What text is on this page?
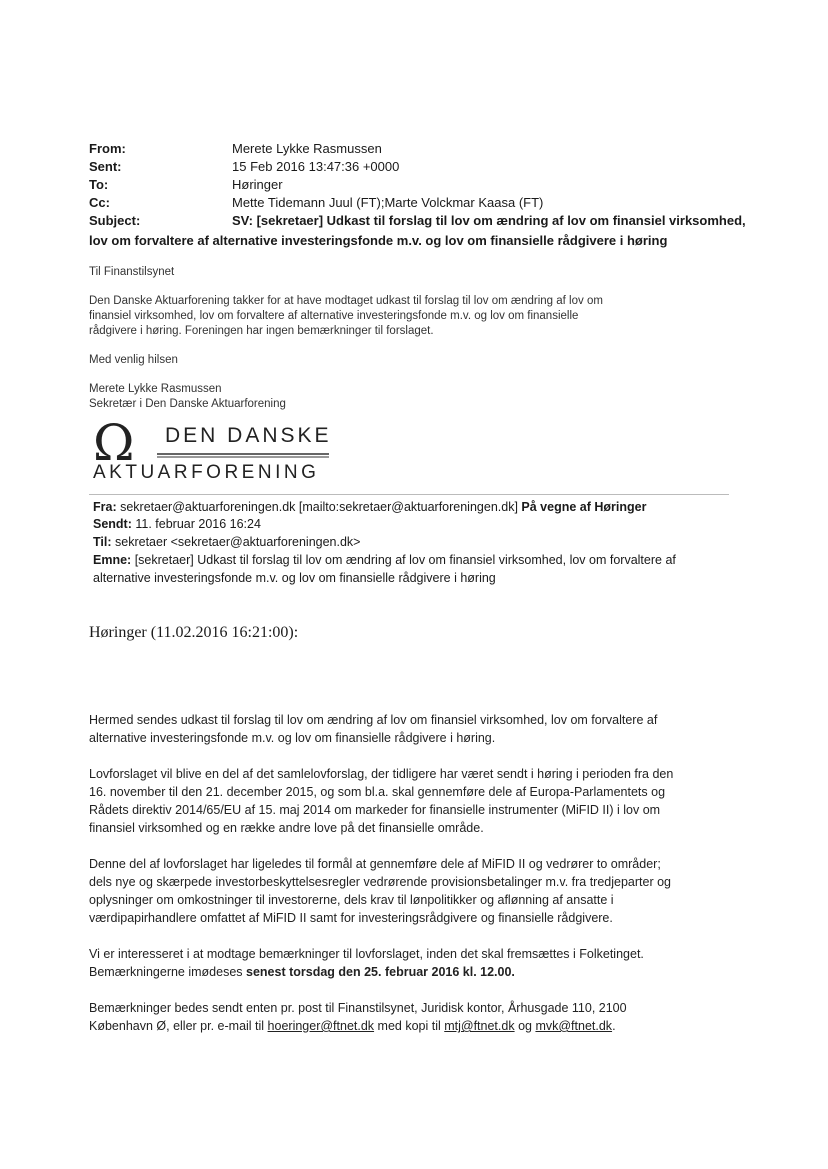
From:	Merete Lykke Rasmussen
Sent:	15 Feb 2016 13:47:36 +0000
To:	Høringer
Cc:	Mette Tidemann Juul (FT);Marte Volckmar Kaasa (FT)
Subject:	SV: [sekretaer] Udkast til forslag til lov om ændring af lov om finansiel virksomhed,
lov om forvaltere af alternative investeringsfonde m.v. og lov om finansielle rådgivere i høring
Til Finanstilsynet
Den Danske Aktuarforening takker for at have modtaget udkast til forslag til lov om ændring af lov om
finansiel virksomhed, lov om forvaltere af alternative investeringsfonde m.v. og lov om finansielle
rådgivere i høring. Foreningen har ingen bemærkninger til forslaget.
Med venlig hilsen
Merete Lykke Rasmussen
Sekretær i Den Danske Aktuarforening
Ω DEN DANSKE
AKTUARFORENING
Fra: sekretaer@aktuarforeningen.dk [mailto:sekretaer@aktuarforeningen.dk] På vegne af Høringer
Sendt: 11. februar 2016 16:24
Til: sekretaer <sekretaer@aktuarforeningen.dk>
Emne: [sekretaer] Udkast til forslag til lov om ændring af lov om finansiel virksomhed, lov om forvaltere af
alternative investeringsfonde m.v. og lov om finansielle rådgivere i høring
Høringer (11.02.2016 16:21:00):
Hermed sendes udkast til forslag til lov om ændring af lov om finansiel virksomhed, lov om forvaltere af
alternative investeringsfonde m.v. og lov om finansielle rådgivere i høring.
Lovforslaget vil blive en del af det samlelovforslag, der tidligere har været sendt i høring i perioden fra den
16. november til den 21. december 2015, og som bl.a. skal gennemføre dele af Europa-Parlamentets og
Rådets direktiv 2014/65/EU af 15. maj 2014 om markeder for finansielle instrumenter (MiFID II) i lov om
finansiel virksomhed og en række andre love på det finansielle område.
Denne del af lovforslaget har ligeledes til formål at gennemføre dele af MiFID II og vedrører to områder;
dels nye og skærpede investorbeskyttelsesregler vedrørende provisionsbetalinger m.v. fra tredjeparter og
oplysninger om omkostninger til investorerne, dels krav til lønpolitikker og aflønning af ansatte i
værdipapirhandlere omfattet af MiFID II samt for investeringsrådgivere og finansielle rådgivere.
Vi er interesseret i at modtage bemærkninger til lovforslaget, inden det skal fremsættes i Folketinget.
Bemærkningerne imødeses senest torsdag den 25. februar 2016 kl. 12.00.
Bemærkninger bedes sendt enten pr. post til Finanstilsynet, Juridisk kontor, Århusgade 110, 2100
København Ø, eller pr. e-mail til hoeringer@ftnet.dk med kopi til mtj@ftnet.dk og mvk@ftnet.dk.
